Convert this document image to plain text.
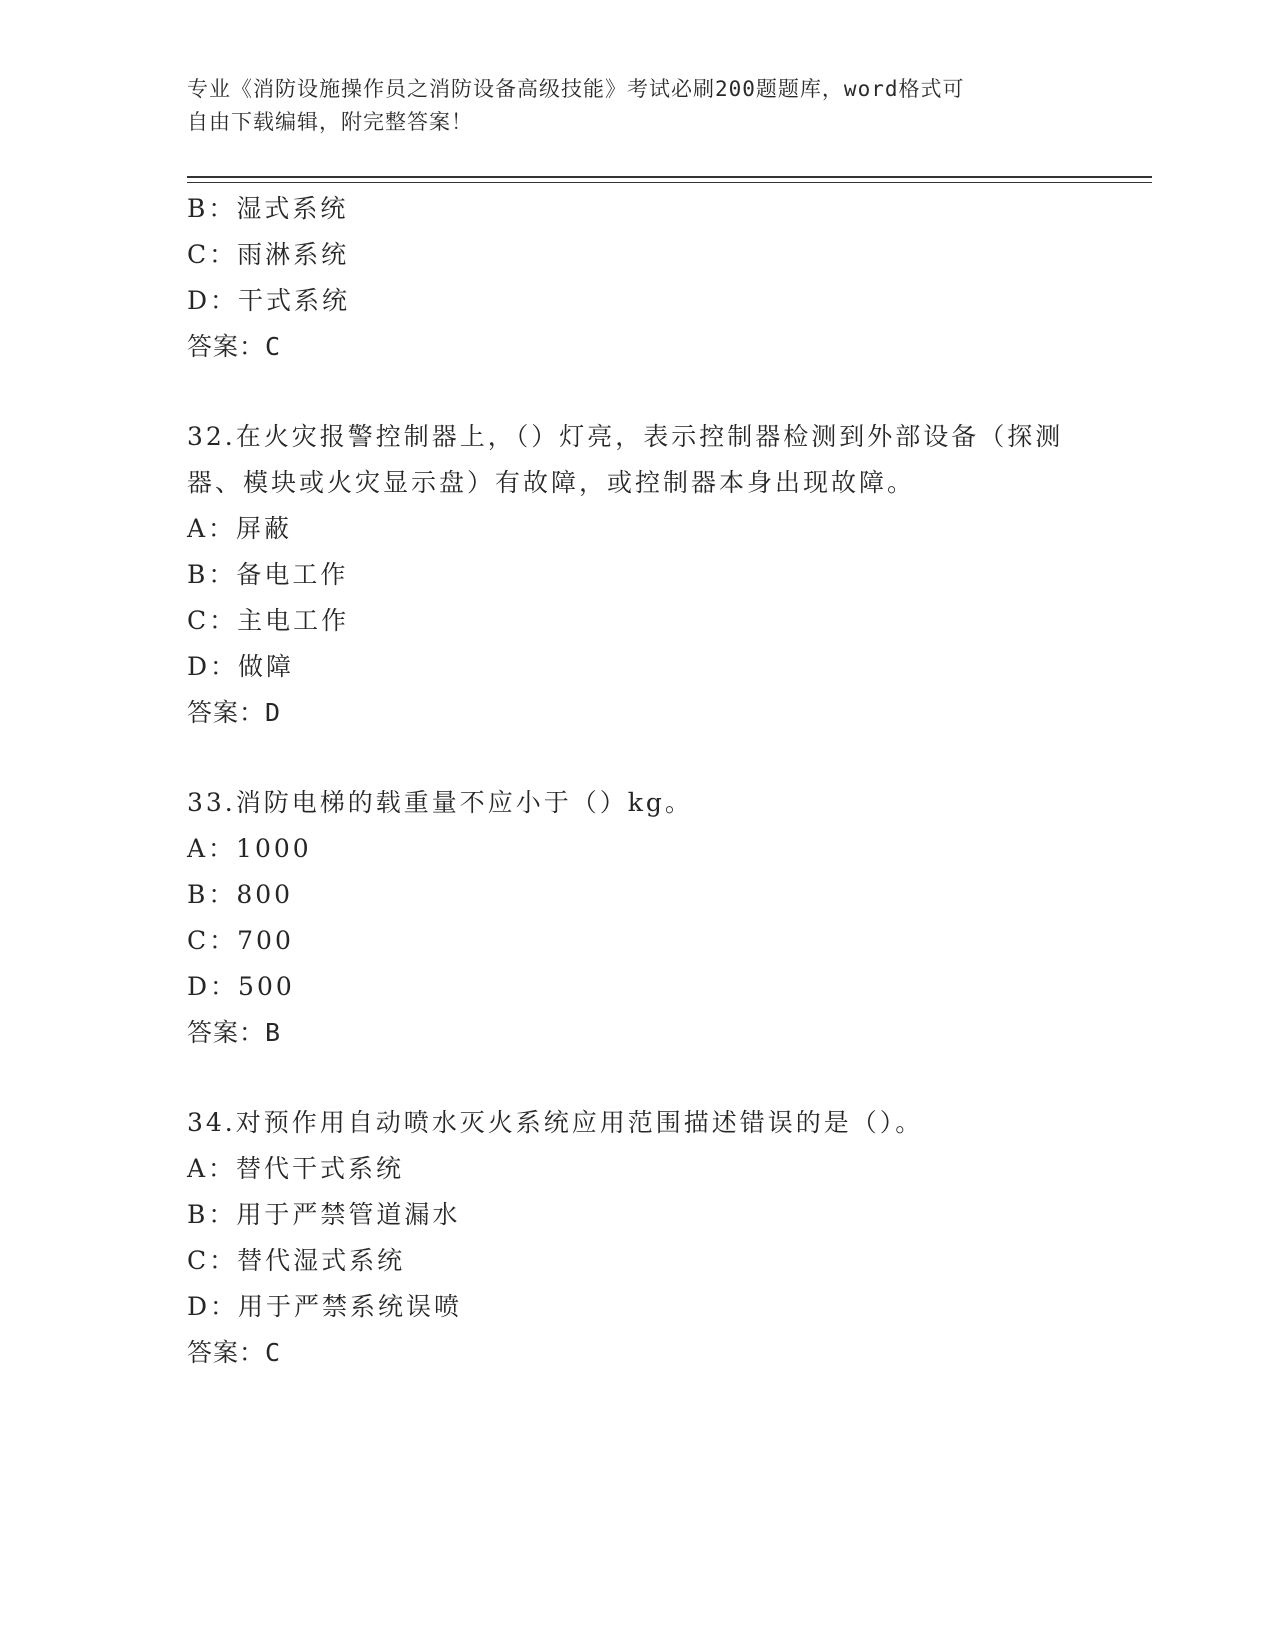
专业《消防设施操作员之消防设备高级技能》考试必刷200题题库，word格式可
自由下载编辑，附完整答案！
B：湿式系统
C：雨淋系统
D：干式系统
答案：C
32.在火灾报警控制器上，（）灯亮，表示控制器检测到外部设备（探测器、模块或火灾显示盘）有故障，或控制器本身出现故障。
A：屏蔽
B：备电工作
C：主电工作
D：做障
答案：D
33.消防电梯的载重量不应小于（）kg。
A：1000
B：800
C：700
D：500
答案：B
34.对预作用自动喷水灭火系统应用范围描述错误的是（）。
A：替代干式系统
B：用于严禁管道漏水
C：替代湿式系统
D：用于严禁系统误喷
答案：C
